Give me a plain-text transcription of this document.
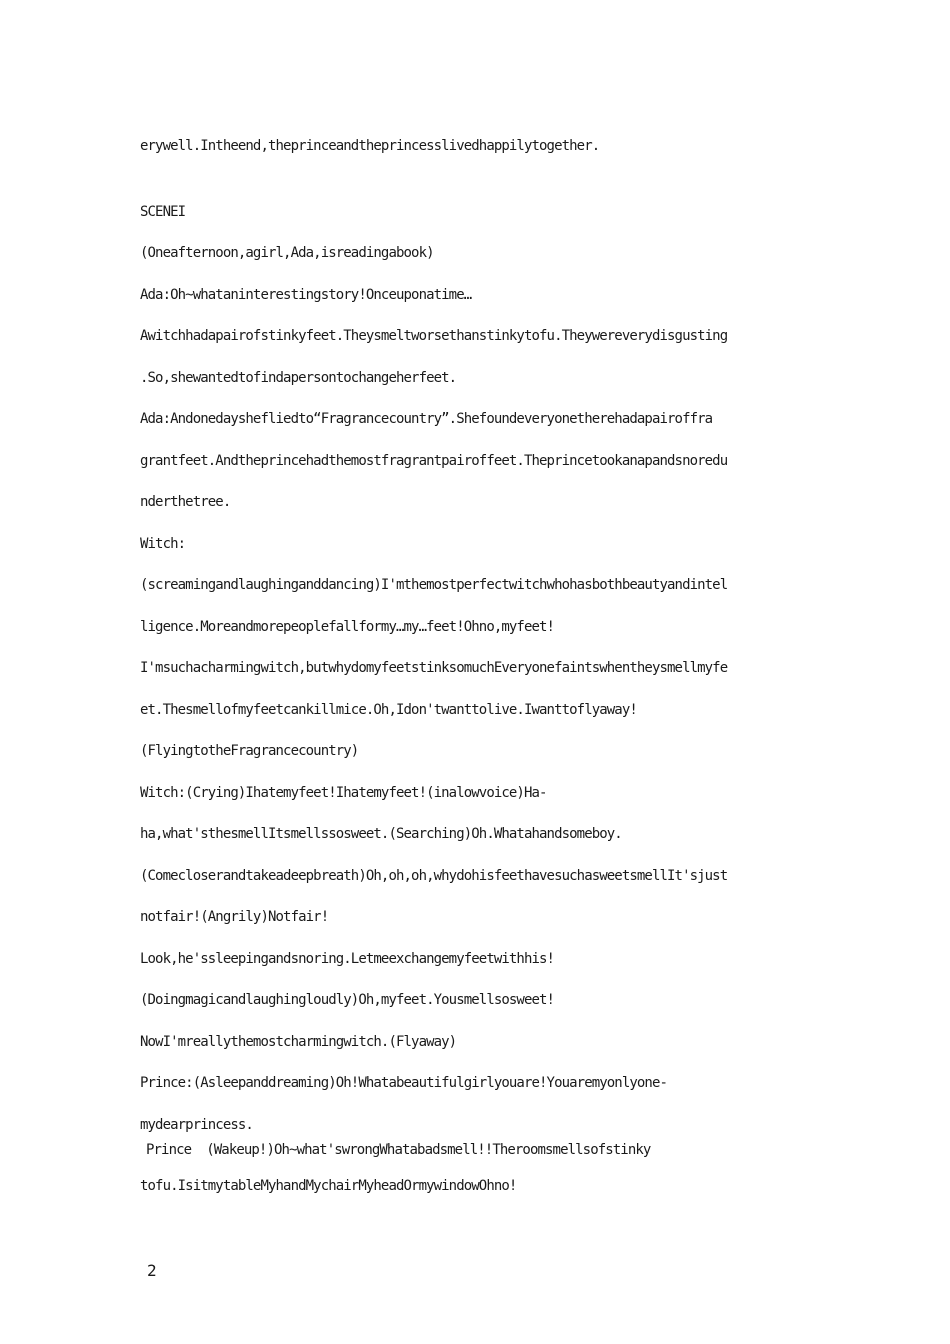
erywell.Intheend,theprinceandtheprincesslivedhappilytogether.
SCENEI
(Oneafternoon,agirl,Ada,isreadingabook)
Ada:Oh~whataninterestingstory!Onceuponatime…
Awitchhadapairofstinkyfeet.Theysmeltworsethanstinkytofu.Theywereverydisgusting
.So,shewantedtofindapersontochangeherfeet.
Ada:Andonedayshefliedto“Fragrancecountry”.Shefoundeveryonetherehadapairoffra
grantfeet.Andtheprincehadthemostfragrantpairoffeet.Theprincetookanapandsnoredu
nderthetree.
Witch:
(screamingandlaughinganddancing)I'mthemostperfectwitchwhohasbothbeautyandintel
ligence.Moreandmorepeoplefallformy…my…feet!Ohno,myfeet!
I'msuchacharmingwitch,butwhydomyfeetstinksomuchEveryonefaintswhentheysmellmyfe
et.Thesmellofmyfeetcankillmice.Oh,Idon'twanttolive.Iwanttoflyaway!
(FlyingtotheFragrancecountry)
Witch:(Crying)Ihatemyfeet!Ihatemyfeet!(inalowvoice)Ha-
ha,what'sthesmellItsmellssosweet.(Searching)Oh.Whatahandsomeboy.
(Comecloserandtakeadeepbreath)Oh,oh,oh,whydohisfeethavesuchasweetsmellIt'sjust
notfair!(Angrily)Notfair!
Look,he'ssleepingandsnoring.Letmeexchangemyfeetwithhis!
(Doingmagicandlaughingloudly)Oh,myfeet.Yousmellsosweet!
NowI'mreallythemostcharmingwitch.(Flyaway)
Prince:(Asleepanddreaming)Oh!Whatabeautifulgirlyouare!Youaremyonlyone-
mydearprincess.
Prince  (Wakeup!)Oh~what'swrongWhatabadsmell!!Theroomsmellsofstinky
tofu.IsitmytableMyhandMychairMyheadOrmywindowOhno!
2
